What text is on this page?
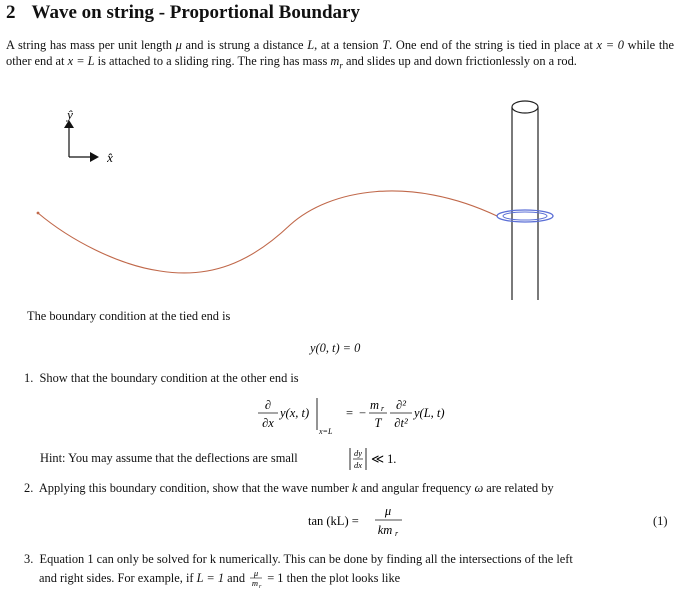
2 Wave on string - Proportional Boundary
A string has mass per unit length μ and is strung a distance L, at a tension T. One end of the string is tied in place at x = 0 while the other end at x = L is attached to a sliding ring. The ring has mass $m_r$ and slides up and down frictionlessly on a rod.
ŷ
x̂
The boundary condition at the tied end is
y(0, t) = 0
1. Show that the boundary condition at the other end is
∂
∂x
y(x, t)
x=L
= −
m r
T
∂²
∂t²
y(L, t)
Hint: You may assume that the deflections are small	dy
dx ≪ 1.
2. Applying this boundary condition, show that the wave number k and angular frequency ω are related by
tan (kL) =
μ
km r
(1)
3. Equation 1 can only be solved for k numerically. This can be done by finding all the intersections of the left
and right sides. For example, if L = 1 and μ
m r
= 1 then the plot looks like
